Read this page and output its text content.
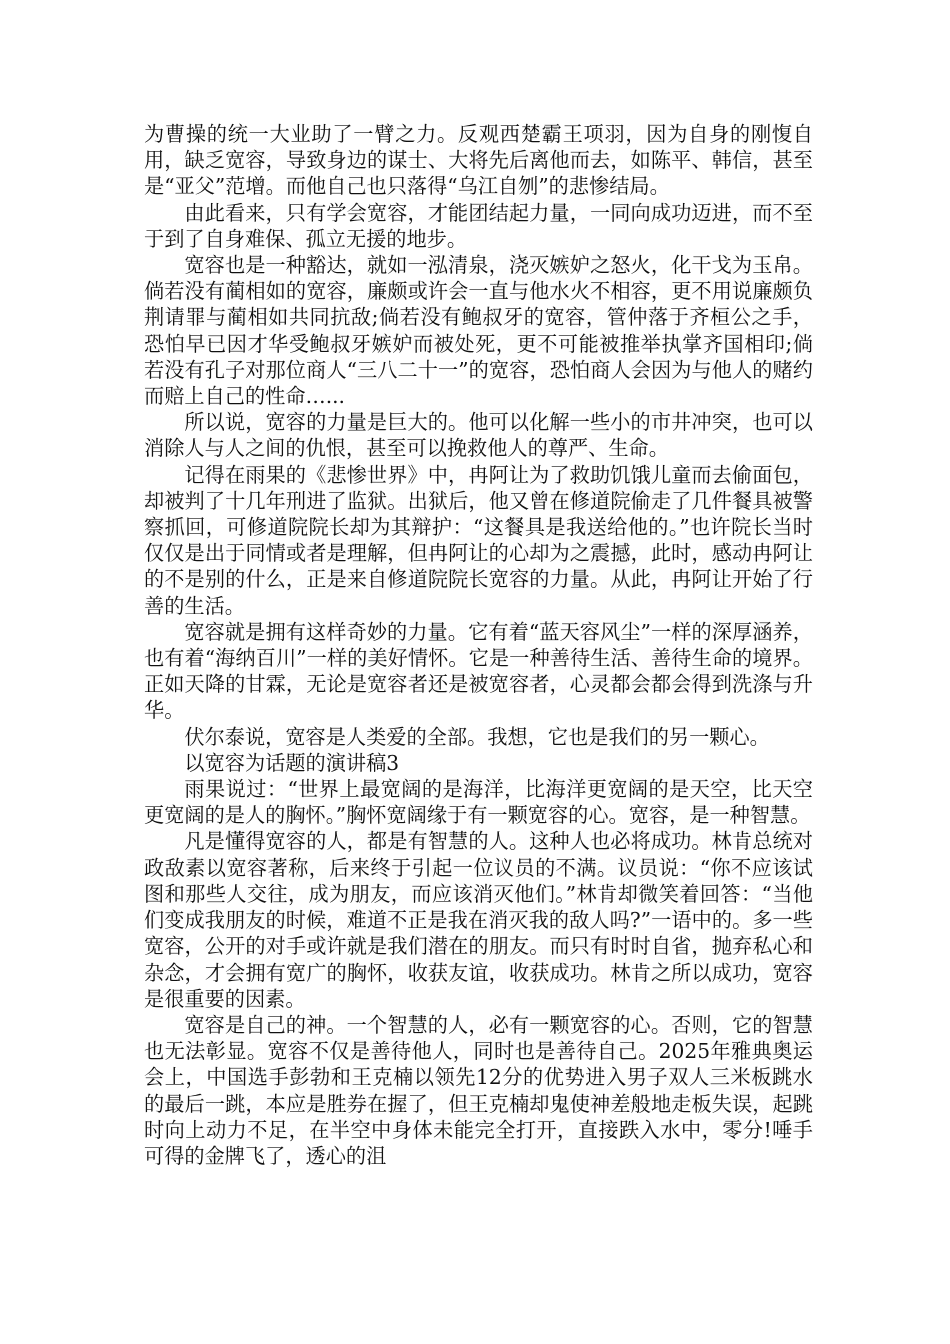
为曹操的统一大业助了一臂之力。反观西楚霸王项羽，因为自身的刚愎自用，缺乏宽容，导致身边的谋士、大将先后离他而去，如陈平、韩信，甚至是“亚父”范增。而他自己也只落得“乌江自刎”的悲惨结局。

由此看来，只有学会宽容，才能团结起力量，一同向成功迈进，而不至于到了自身难保、孤立无援的地步。

宽容也是一种豁达，就如一泓清泉，浇灭嫉妒之怒火，化干戈为玉帛。倘若没有蔺相如的宽容，廉颇或许会一直与他水火不相容，更不用说廉颇负荆请罪与蔺相如共同抗敌;倘若没有鲍叔牙的宽容，管仲落于齐桓公之手，恐怕早已因才华受鲍叔牙嫉妒而被处死，更不可能被推举执掌齐国相印;倘若没有孔子对那位商人“三八二十一”的宽容，恐怕商人会因为与他人的赌约而赔上自己的性命…...

所以说，宽容的力量是巨大的。他可以化解一些小的市井冲突，也可以消除人与人之间的仇恨，甚至可以挽救他人的尊严、生命。

记得在雨果的《悲惨世界》中，冉阿让为了救助饥饿儿童而去偷面包，却被判了十几年刑进了监狱。出狱后，他又曾在修道院偷走了几件餐具被警察抓回，可修道院院长却为其辩护：“这餐具是我送给他的。”也许院长当时仅仅是出于同情或者是理解，但冉阿让的心却为之震撼，此时，感动冉阿让的不是别的什么，正是来自修道院院长宽容的力量。从此，冉阿让开始了行善的生活。

宽容就是拥有这样奇妙的力量。它有着“蓝天容风尘”一样的深厚涵养，也有着“海纳百川”一样的美好情怀。它是一种善待生活、善待生命的境界。正如天降的甘霖，无论是宽容者还是被宽容者，心灵都会都会得到洗涤与升华。

伏尔泰说，宽容是人类爱的全部。我想，它也是我们的另一颗心。

以宽容为话题的演讲稿3

雨果说过：“世界上最宽阔的是海洋，比海洋更宽阔的是天空，比天空更宽阔的是人的胸怀。”胸怀宽阔缘于有一颗宽容的心。宽容，是一种智慧。

凡是懂得宽容的人，都是有智慧的人。这种人也必将成功。林肯总统对政敌素以宽容著称，后来终于引起一位议员的不满。议员说：“你不应该试图和那些人交往，成为朋友，而应该消灭他们。”林肯却微笑着回答：“当他们变成我朋友的时候，难道不正是我在消灭我的敌人吗?”一语中的。多一些宽容，公开的对手或许就是我们潜在的朋友。而只有时时自省，抛弃私心和杂念，才会拥有宽广的胸怀，收获友谊，收获成功。林肯之所以成功，宽容是很重要的因素。

宽容是自己的神。一个智慧的人，必有一颗宽容的心。否则，它的智慧也无法彰显。宽容不仅是善待他人，同时也是善待自己。2025年雅典奥运会上，中国选手彭勃和王克楠以领先12分的优势进入男子双人三米板跳水的最后一跳，本应是胜券在握了，但王克楠却鬼使神差般地走板失误，起跳时向上动力不足，在半空中身体未能完全打开，直接跌入水中，零分!唾手可得的金牌飞了，透心的沮
